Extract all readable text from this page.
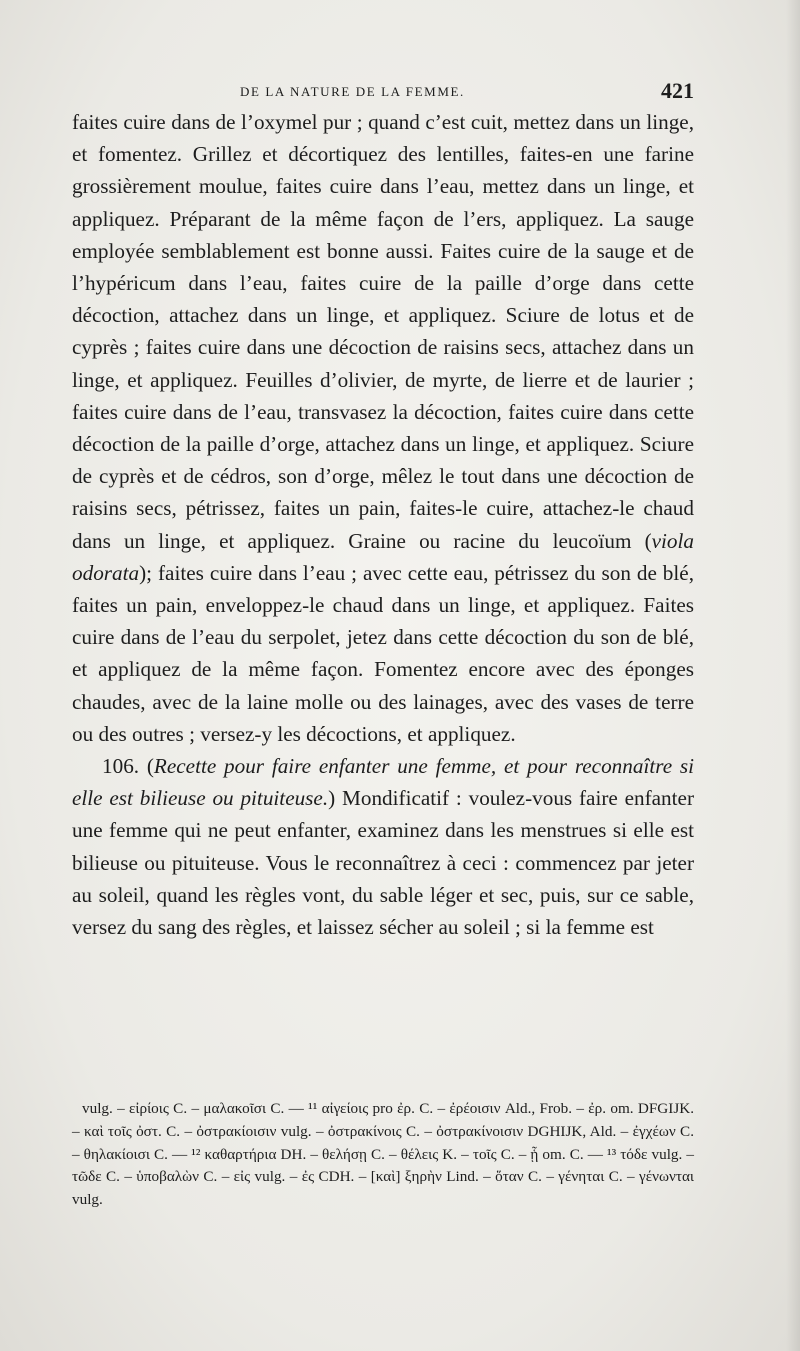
DE LA NATURE DE LA FEMME.	421

faites cuire dans de l’oxymel pur ; quand c’est cuit, mettez dans un linge, et fomentez. Grillez et décortiquez des lentilles, faites-en une farine grossièrement moulue, faites cuire dans l’eau, mettez dans un linge, et appliquez. Préparant de la même façon de l’ers, appliquez. La sauge employée semblablement est bonne aussi. Faites cuire de la sauge et de l’hypéricum dans l’eau, faites cuire de la paille d’orge dans cette décoction, attachez dans un linge, et appliquez. Sciure de lotus et de cyprès ; faites cuire dans une décoction de raisins secs, attachez dans un linge, et appliquez. Feuilles d’olivier, de myrte, de lierre et de laurier ; faites cuire dans de l’eau, transvasez la décoction, faites cuire dans cette décoction de la paille d’orge, attachez dans un linge, et appliquez. Sciure de cyprès et de cédros, son d’orge, mêlez le tout dans une décoction de raisins secs, pétrissez, faites un pain, faites-le cuire, attachez-le chaud dans un linge, et appliquez. Graine ou racine du leucoïum (viola odorata); faites cuire dans l’eau ; avec cette eau, pétrissez du son de blé, faites un pain, enveloppez-le chaud dans un linge, et appliquez. Faites cuire dans de l’eau du serpolet, jetez dans cette décoction du son de blé, et appliquez de la même façon. Fomentez encore avec des éponges chaudes, avec de la laine molle ou des lainages, avec des vases de terre ou des outres ; versez-y les décoctions, et appliquez.

106. (Recette pour faire enfanter une femme, et pour reconnaître si elle est bilieuse ou pituiteuse.) Mondificatif : voulez-vous faire enfanter une femme qui ne peut enfanter, examinez dans les menstrues si elle est bilieuse ou pituiteuse. Vous le reconnaîtrez à ceci : commencez par jeter au soleil, quand les règles vont, du sable léger et sec, puis, sur ce sable, versez du sang des règles, et laissez sécher au soleil ; si la femme est

vulg. – εἰρίοις C. – μαλακοῖσι C. — ¹¹ αἰγείοις pro ἐρ. C. – ἐρέοισιν Ald., Frob. – ἐρ. om. DFGIJK. – καὶ τοῖς ὀστ. C. – ὀστρακίοισιν vulg. – ὀστρακίνοις C. – ὀστρακίνοισιν DGHIJK, Ald. – ἐγχέων C. – θηλακίοισι C. — ¹² καθαρτήρια DH. – θελήσῃ C. – θέλεις K. – τοῖς C. – ᾗ om. C. — ¹³ τόδε vulg. – τῶδε C. – ὑποβαλὼν C. – εἰς vulg. – ἐς CDH. – [καὶ] ξηρὴν Lind. – ὅταν C. – γένηται C. – γένωνται vulg.
